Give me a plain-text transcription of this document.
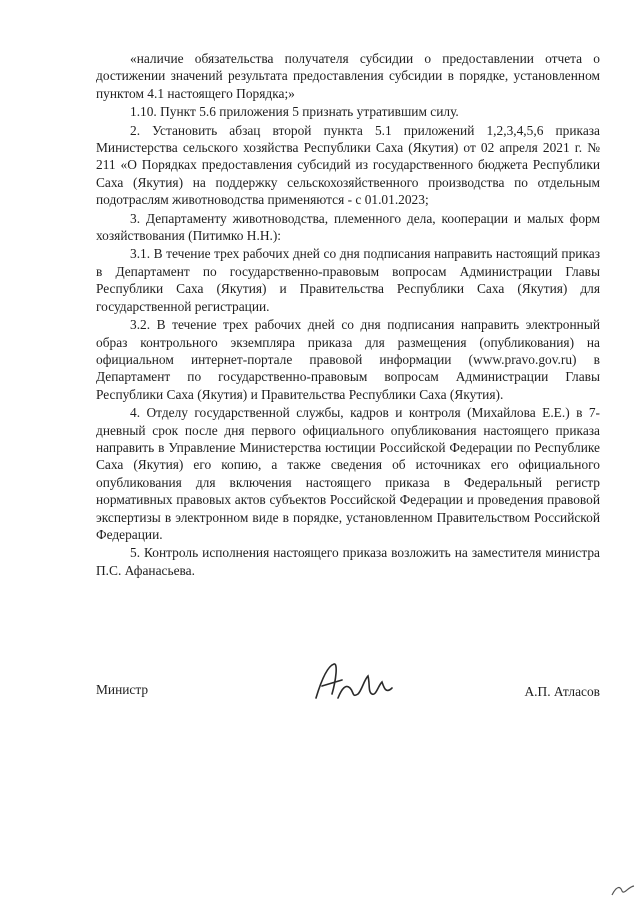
«наличие обязательства получателя субсидии о предоставлении отчета о достижении значений результата предоставления субсидии в порядке, установленном пунктом 4.1 настоящего Порядка;»

1.10. Пункт 5.6 приложения 5 признать утратившим силу.

2. Установить абзац второй пункта 5.1 приложений 1,2,3,4,5,6 приказа Министерства сельского хозяйства Республики Саха (Якутия) от 02 апреля 2021 г. № 211 «О Порядках предоставления субсидий из государственного бюджета Республики Саха (Якутия) на поддержку сельскохозяйственного производства по отдельным подотраслям животноводства применяются - с 01.01.2023;

3. Департаменту животноводства, племенного дела, кооперации и малых форм хозяйствования (Питимко Н.Н.):

3.1. В течение трех рабочих дней со дня подписания направить настоящий приказ в Департамент по государственно-правовым вопросам Администрации Главы Республики Саха (Якутия) и Правительства Республики Саха (Якутия) для государственной регистрации.

3.2. В течение трех рабочих дней со дня подписания направить электронный образ контрольного экземпляра приказа для размещения (опубликования) на официальном интернет-портале правовой информации (www.pravo.gov.ru) в Департамент по государственно-правовым вопросам Администрации Главы Республики Саха (Якутия) и Правительства Республики Саха (Якутия).

4. Отделу государственной службы, кадров и контроля (Михайлова Е.Е.) в 7-дневный срок после дня первого официального опубликования настоящего приказа направить в Управление Министерства юстиции Российской Федерации по Республике Саха (Якутия) его копию, а также сведения об источниках его официального опубликования для включения настоящего приказа в Федеральный регистр нормативных правовых актов субъектов Российской Федерации и проведения правовой экспертизы в электронном виде в порядке, установленном Правительством Российской Федерации.

5. Контроль исполнения настоящего приказа возложить на заместителя министра П.С. Афанасьева.

Министр	А.П. Атласов
